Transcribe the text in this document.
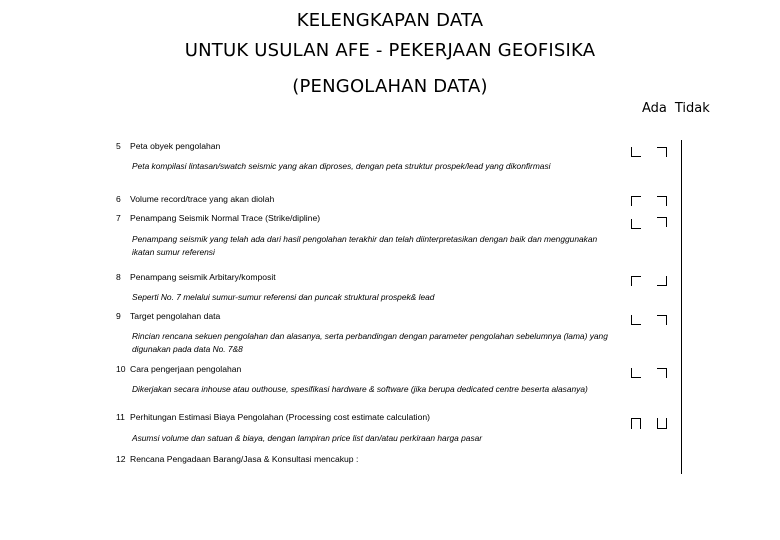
KELENGKAPAN DATA
UNTUK USULAN AFE - PEKERJAAN GEOFISIKA
(PENGOLAHAN DATA)
Ada Tidak
5 Peta obyek pengolahan
Peta kompilasi lintasan/swatch seismic yang akan diproses, dengan peta struktur prospek/lead yang dikonfirmasi
6 Volume record/trace yang akan diolah
7 Penampang Seismik Normal Trace (Strike/dipline)
Penampang seismik yang telah ada dari hasil pengolahan terakhir dan telah diinterpretasikan dengan baik dan menggunakan ikatan sumur referensi
8 Penampang seismik Arbitary/komposit
Seperti No. 7 melalui sumur-sumur referensi dan puncak struktural prospek& lead
9 Target pengolahan data
Rincian rencana sekuen pengolahan dan alasanya, serta perbandingan dengan parameter pengolahan sebelumnya (lama) yang digunakan pada data No. 7&8
10 Cara pengerjaan pengolahan
Dikerjakan secara inhouse atau outhouse, spesifikasi hardware & software (jika berupa dedicated centre beserta alasanya)
11 Perhitungan Estimasi Biaya Pengolahan (Processing cost estimate calculation)
Asumsi volume dan satuan & biaya, dengan lampiran price list dan/atau perkiraan harga pasar
12 Rencana Pengadaan Barang/Jasa & Konsultasi mencakup :
